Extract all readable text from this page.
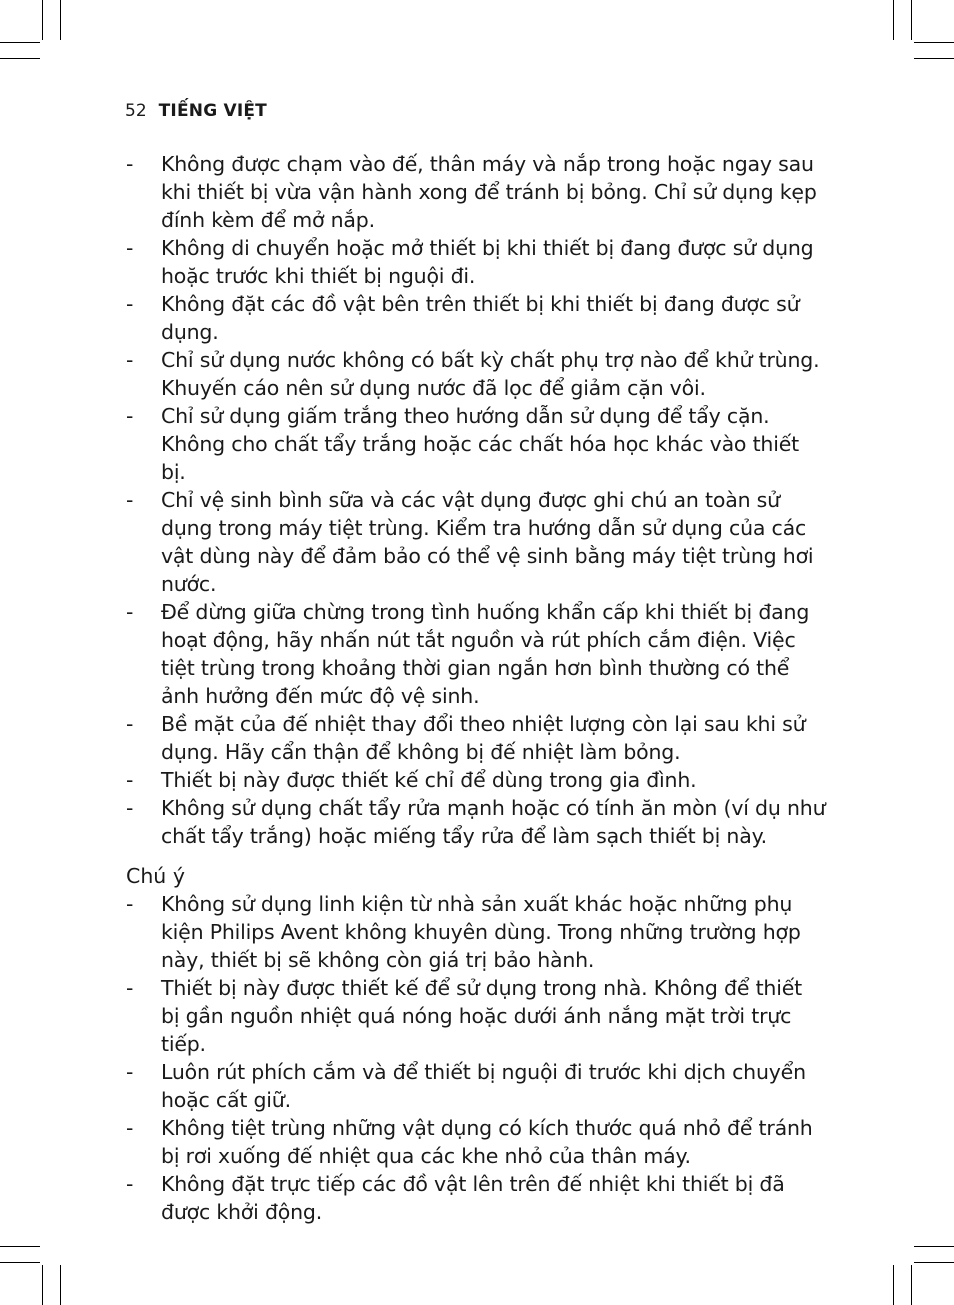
52 TIẾNG VIỆT
- Không được chạm vào đế, thân máy và nắp trong hoặc ngay sau khi thiết bị vừa vận hành xong để tránh bị bỏng. Chỉ sử dụng kẹp đính kèm để mở nắp.
- Không di chuyển hoặc mở thiết bị khi thiết bị đang được sử dụng hoặc trước khi thiết bị nguội đi.
- Không đặt các đồ vật bên trên thiết bị khi thiết bị đang được sử dụng.
- Chỉ sử dụng nước không có bất kỳ chất phụ trợ nào để khử trùng. Khuyến cáo nên sử dụng nước đã lọc để giảm cặn vôi.
- Chỉ sử dụng giấm trắng theo hướng dẫn sử dụng để tẩy cặn. Không cho chất tẩy trắng hoặc các chất hóa học khác vào thiết bị.
- Chỉ vệ sinh bình sữa và các vật dụng được ghi chú an toàn sử dụng trong máy tiệt trùng. Kiểm tra hướng dẫn sử dụng của các vật dùng này để đảm bảo có thể vệ sinh bằng máy tiệt trùng hơi nước.
- Để dừng giữa chừng trong tình huống khẩn cấp khi thiết bị đang hoạt động, hãy nhấn nút tắt nguồn và rút phích cắm điện. Việc tiệt trùng trong khoảng thời gian ngắn hơn bình thường có thể ảnh hưởng đến mức độ vệ sinh.
- Bề mặt của đế nhiệt thay đổi theo nhiệt lượng còn lại sau khi sử dụng. Hãy cẩn thận để không bị đế nhiệt làm bỏng.
- Thiết bị này được thiết kế chỉ để dùng trong gia đình.
- Không sử dụng chất tẩy rửa mạnh hoặc có tính ăn mòn (ví dụ như chất tẩy trắng) hoặc miếng tẩy rửa để làm sạch thiết bị này.
Chú ý
- Không sử dụng linh kiện từ nhà sản xuất khác hoặc những phụ kiện Philips Avent không khuyên dùng. Trong những trường hợp này, thiết bị sẽ không còn giá trị bảo hành.
- Thiết bị này được thiết kế để sử dụng trong nhà. Không để thiết bị gần nguồn nhiệt quá nóng hoặc dưới ánh nắng mặt trời trực tiếp.
- Luôn rút phích cắm và để thiết bị nguội đi trước khi dịch chuyển hoặc cất giữ.
- Không tiệt trùng những vật dụng có kích thước quá nhỏ để tránh bị rơi xuống đế nhiệt qua các khe nhỏ của thân máy.
- Không đặt trực tiếp các đồ vật lên trên đế nhiệt khi thiết bị đã được khởi động.
